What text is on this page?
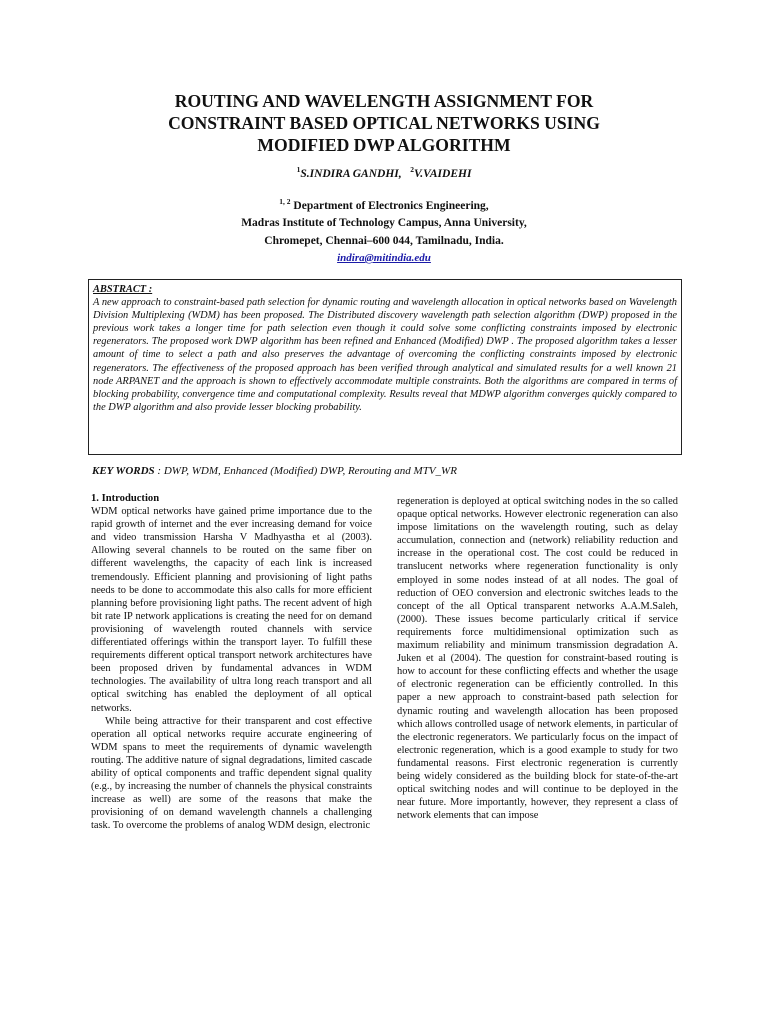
ROUTING AND WAVELENGTH ASSIGNMENT FOR
CONSTRAINT BASED OPTICAL NETWORKS USING
MODIFIED DWP ALGORITHM
$^1$S.INDIRA GANDHI, $^2$V.VAIDEHI
$^{1, 2}$ Department of Electronics Engineering,
Madras Institute of Technology Campus, Anna University,
Chromepet, Chennai–600 044, Tamilnadu, India.
indira@mitindia.edu
ABSTRACT :
A new approach to constraint-based path selection for dynamic routing and wavelength allocation in optical networks based on Wavelength Division Multiplexing (WDM) has been proposed. The Distributed discovery wavelength path selection algorithm (DWP) proposed in the previous work takes a longer time for path selection even though it could solve some conflicting constraints imposed by electronic regenerators. The proposed work DWP algorithm has been refined and Enhanced (Modified) DWP . The proposed algorithm takes a lesser amount of time to select a path and also preserves the advantage of overcoming the conflicting constraints imposed by electronic regenerators. The effectiveness of the proposed approach has been verified through analytical and simulated results for a well known 21 node ARPANET and the approach is shown to effectively accommodate multiple constraints. Both the algorithms are compared in terms of blocking probability, convergence time and computational complexity. Results reveal that MDWP algorithm converges quickly compared to the DWP algorithm and also provide lesser blocking probability.
KEY WORDS : DWP, WDM, Enhanced (Modified) DWP, Rerouting and MTV_WR
1. Introduction

WDM optical networks have gained prime importance due to the rapid growth of internet and the ever increasing demand for voice and video transmission Harsha V Madhyastha et al (2003). Allowing several channels to be routed on the same fiber on different wavelengths, the capacity of each link is increased tremendously. Efficient planning and provisioning of light paths needs to be done to accommodate this also calls for more efficient planning before provisioning light paths. The recent advent of high bit rate IP network applications is creating the need for on demand provisioning of wavelength routed channels with service differentiated offerings within the transport layer. To fulfill these requirements different optical transport network architectures have been proposed driven by fundamental advances in WDM technologies. The availability of ultra long reach transport and all optical switching has enabled the deployment of all optical networks.

While being attractive for their transparent and cost effective operation all optical networks require accurate engineering of WDM spans to meet the requirements of dynamic wavelength routing. The additive nature of signal degradations, limited cascade ability of optical components and traffic dependent signal quality (e.g., by increasing the number of channels the physical constraints increase as well) are some of the reasons that make the provisioning of on demand wavelength channels a challenging task. To overcome the problems of analog WDM design, electronic

regeneration is deployed at optical switching nodes in the so called opaque optical networks. However electronic regeneration can also impose limitations on the wavelength routing, such as delay accumulation, connection and (network) reliability reduction and increase in the operational cost. The cost could be reduced in translucent networks where regeneration functionality is only employed in some nodes instead of at all nodes. The goal of reduction of OEO conversion and electronic switches leads to the concept of the all Optical transparent networks A.A.M.Saleh,(2000). These issues become particularly critical if service requirements force multidimensional optimization such as maximum reliability and minimum transmission degradation A. Juken et al (2004). The question for constraint-based routing is how to account for these conflicting effects and whether the usage of electronic regeneration can be efficiently controlled. In this paper a new approach to constraint-based path selection for dynamic routing and wavelength allocation has been proposed which allows controlled usage of network elements, in particular of the electronic regenerators. We particularly focus on the impact of electronic regeneration, which is a good example to study for two fundamental reasons. First electronic regeneration is currently being widely considered as the building block for state-of-the-art optical switching nodes and will continue to be deployed in the near future. More importantly, however, they represent a class of network elements that can impose
